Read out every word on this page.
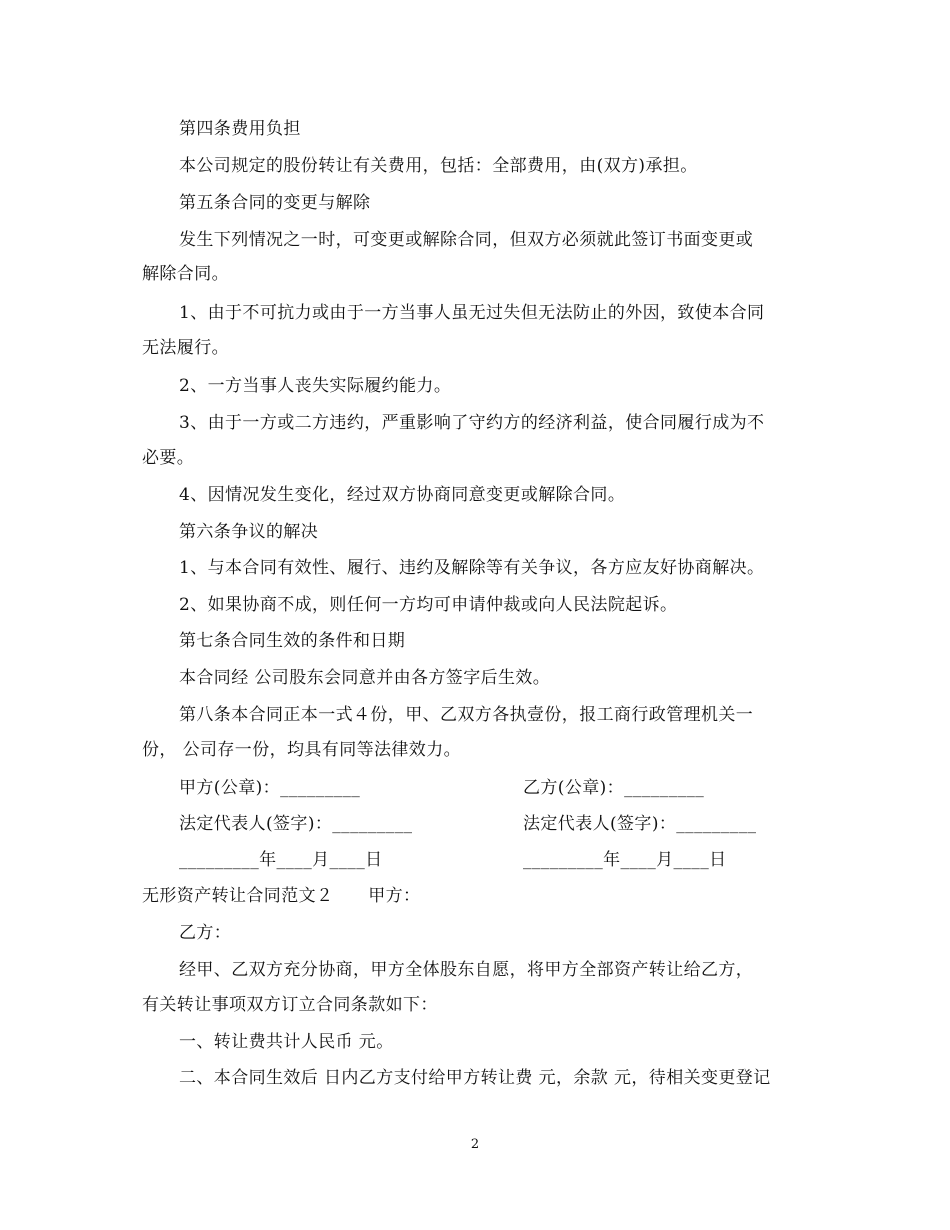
第四条费用负担
本公司规定的股份转让有关费用，包括：全部费用，由(双方)承担。
第五条合同的变更与解除
发生下列情况之一时，可变更或解除合同，但双方必须就此签订书面变更或
解除合同。
1、由于不可抗力或由于一方当事人虽无过失但无法防止的外因，致使本合同
无法履行。
2、一方当事人丧失实际履约能力。
3、由于一方或二方违约，严重影响了守约方的经济利益，使合同履行成为不
必要。
4、因情况发生变化，经过双方协商同意变更或解除合同。
第六条争议的解决
1、与本合同有效性、履行、违约及解除等有关争议，各方应友好协商解决。
2、如果协商不成，则任何一方均可申请仲裁或向人民法院起诉。
第七条合同生效的条件和日期
本合同经 公司股东会同意并由各方签字后生效。
第八条本合同正本一式４份，甲、乙双方各执壹份，报工商行政管理机关一
份， 公司存一份，均具有同等法律效力。
甲方(公章)：_________	乙方(公章)：_________
法定代表人(签字)：_________	法定代表人(签字)：_________
_________年____月____日	_________年____月____日
无形资产转让合同范文２　　甲方：
乙方：
经甲、乙双方充分协商，甲方全体股东自愿，将甲方全部资产转让给乙方，
有关转让事项双方订立合同条款如下：
一、转让费共计人民币 元。
二、本合同生效后 日内乙方支付给甲方转让费 元，余款 元，待相关变更登记
2
